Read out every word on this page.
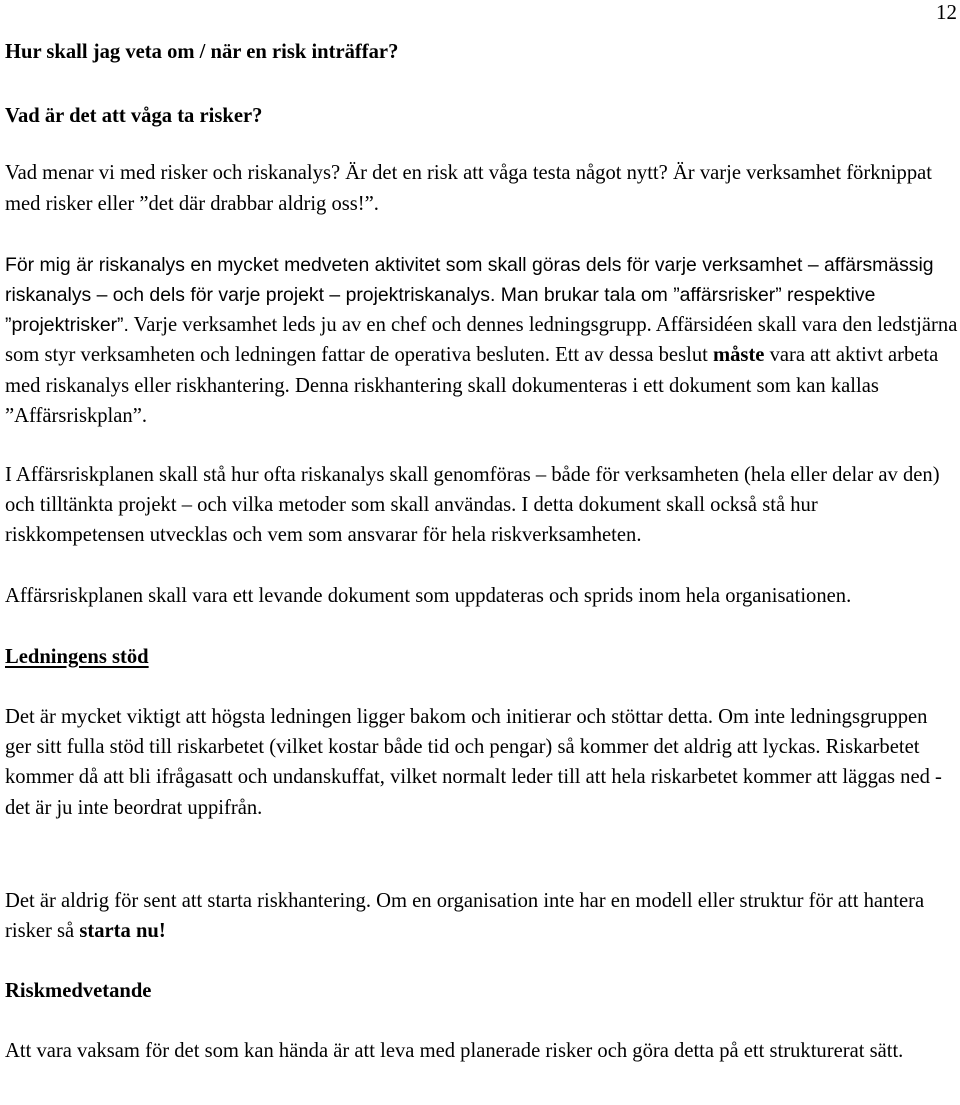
12

Hur skall jag veta om / när en risk inträffar?

Vad är det att våga ta risker?

Vad menar vi med risker och riskanalys? Är det en risk att våga testa något nytt? Är varje verksamhet förknippat med risker eller ”det där drabbar aldrig oss!”.

För mig är riskanalys en mycket medveten aktivitet som skall göras dels för varje verksamhet – affärsmässig riskanalys – och dels för varje projekt – projektriskanalys. Man brukar tala om ”affärsrisker” respektive ”projektrisker”. Varje verksamhet leds ju av en chef och dennes ledningsgrupp. Affärsidéen skall vara den ledstjärna som styr verksamheten och ledningen fattar de operativa besluten. Ett av dessa beslut måste vara att aktivt arbeta med riskanalys eller riskhantering. Denna riskhantering skall dokumenteras i ett dokument som kan kallas ”Affärsriskplan”.

I Affärsriskplanen skall stå hur ofta riskanalys skall genomföras – både för verksamheten (hela eller delar av den) och tilltänkta projekt – och vilka metoder som skall användas. I detta dokument skall också stå hur riskkompetensen utvecklas och vem som ansvarar för hela riskverksamheten.

Affärsriskplanen skall vara ett levande dokument som uppdateras och sprids inom hela organisationen.

Ledningens stöd

Det är mycket viktigt att högsta ledningen ligger bakom och initierar och stöttar detta. Om inte ledningsgruppen ger sitt fulla stöd till riskarbetet (vilket kostar både tid och pengar) så kommer det aldrig att lyckas. Riskarbetet kommer då att bli ifrågasatt och undanskuffat, vilket normalt leder till att hela riskarbetet kommer att läggas ned - det är ju inte beordrat uppifrån.

Det är aldrig för sent att starta riskhantering. Om en organisation inte har en modell eller struktur för att hantera risker så starta nu!

Riskmedvetande

Att vara vaksam för det som kan hända är att leva med planerade risker och göra detta på ett strukturerat sätt.
